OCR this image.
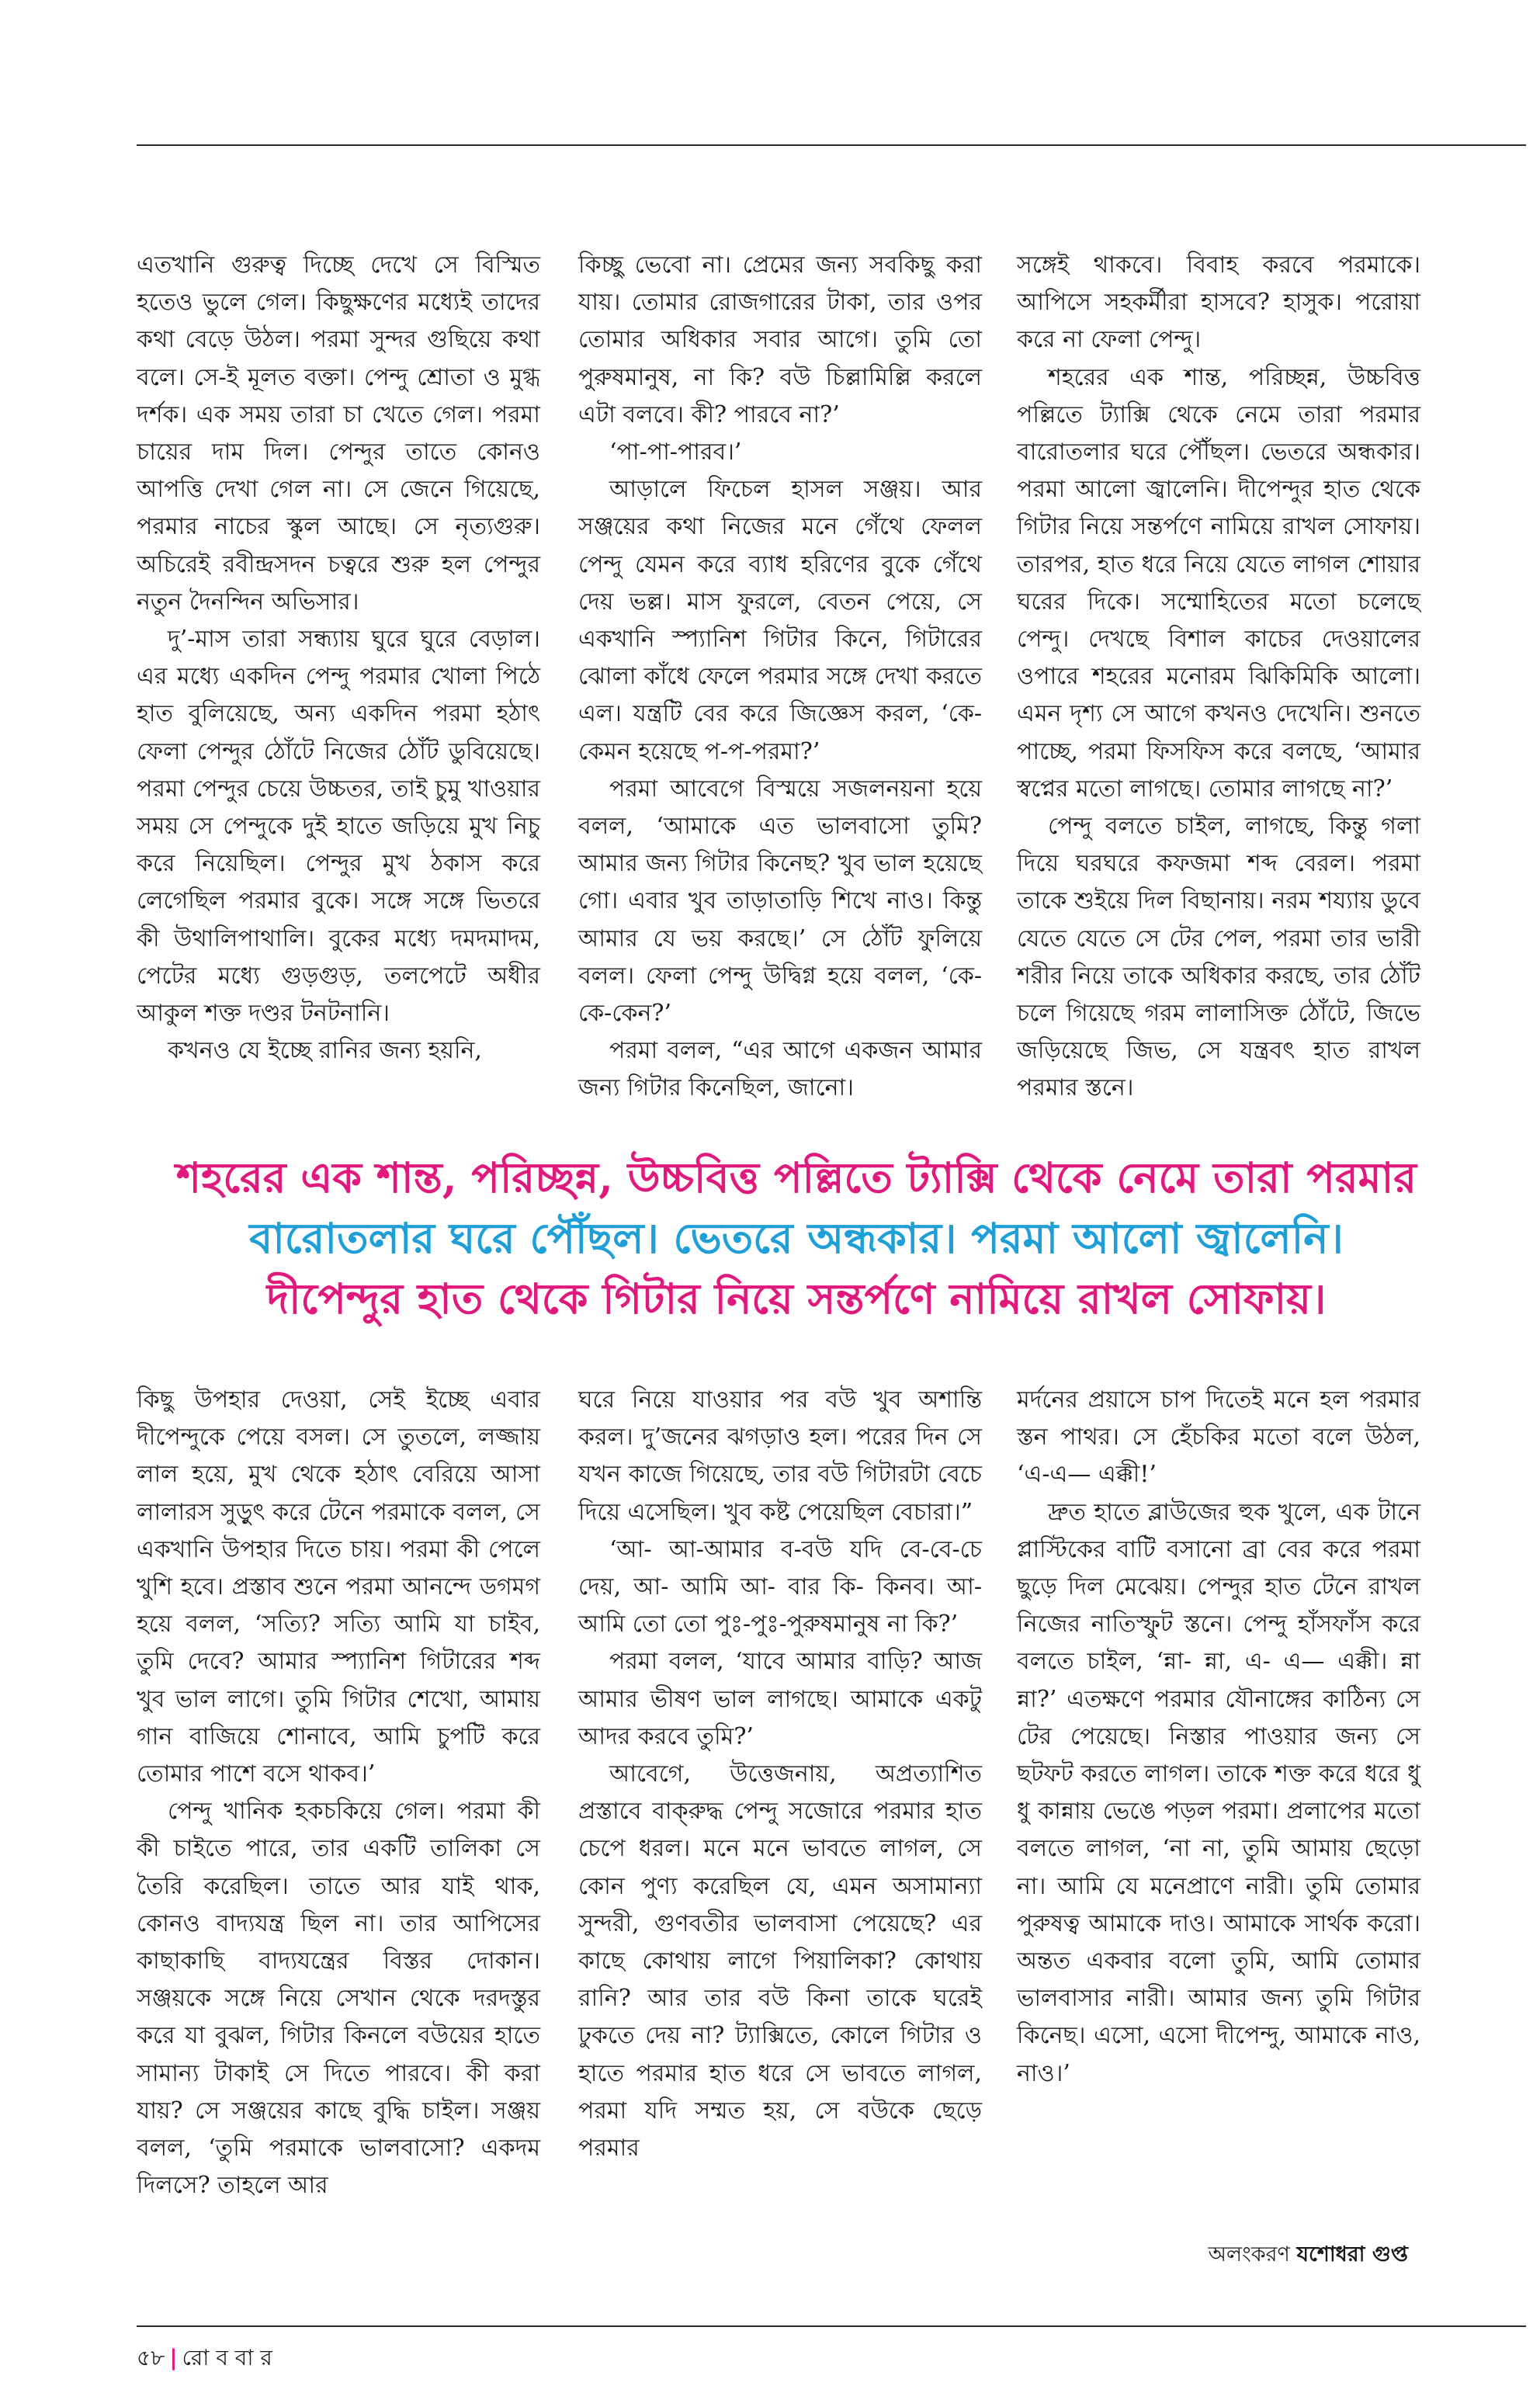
এতখানি গুরুত্ব দিচ্ছে দেখে সে বিস্মিত হতেও ভুলে গেল। কিছুক্ষণের মধ্যেই তাদের কথা বেড়ে উঠল। পরমা সুন্দর গুছিয়ে কথা বলে। সে-ই মূলত বক্তা। পেন্দু শ্রোতা ও মুগ্ধ দর্শক। এক সময় তারা চা খেতে গেল। পরমা চায়ের দাম দিল। পেন্দুর তাতে কোনও আপত্তি দেখা গেল না। সে জেনে গিয়েছে, পরমার নাচের স্কুল আছে। সে নৃত্যগুরু। অচিরেই রবীন্দ্রসদন চত্বরে শুরু হল পেন্দুর নতুন দৈনন্দিন অভিসার।

দু’-মাস তারা সন্ধ্যায় ঘুরে ঘুরে বেড়াল। এর মধ্যে একদিন পেন্দু পরমার খোলা পিঠে হাত বুলিয়েছে, অন্য একদিন পরমা হঠাৎ ফেলা পেন্দুর ঠোঁটে নিজের ঠোঁট ডুবিয়েছে। পরমা পেন্দুর চেয়ে উচ্চতর, তাই চুমু খাওয়ার সময় সে পেন্দুকে দুই হাতে জড়িয়ে মুখ নিচু করে নিয়েছিল। পেন্দুর মুখ ঠকাস করে লেগেছিল পরমার বুকে। সঙ্গে সঙ্গে ভিতরে কী উথালিপাথালি। বুকের মধ্যে দমদমাদম, পেটের মধ্যে গুড়গুড়, তলপেটে অধীর আকুল শক্ত দণ্ডর টনটনানি।

কখনও যে ইচ্ছে রানির জন্য হয়নি,

কিচ্ছু ভেবো না। প্রেমের জন্য সবকিছু করা যায়। তোমার রোজগারের টাকা, তার ওপর তোমার অধিকার সবার আগে। তুমি তো পুরুষমানুষ, না কি? বউ চিল্লামিল্লি করলে এটা বলবে। কী? পারবে না?’

‘পা-পা-পারব।’

আড়ালে ফিচেল হাসল সঞ্জয়। আর সঞ্জয়ের কথা নিজের মনে গেঁথে ফেলল পেন্দু যেমন করে ব্যাধ হরিণের বুকে গেঁথে দেয় ভল্ল। মাস ফুরলে, বেতন পেয়ে, সে একখানি স্প্যানিশ গিটার কিনে, গিটারের ঝোলা কাঁধে ফেলে পরমার সঙ্গে দেখা করতে এল। যন্ত্রটি বের করে জিজ্ঞেস করল, ‘কে- কেমন হয়েছে প-প-পরমা?’

পরমা আবেগে বিস্ময়ে সজলনয়না হয়ে বলল, ‘আমাকে এত ভালবাসো তুমি? আমার জন্য গিটার কিনেছ? খুব ভাল হয়েছে গো। এবার খুব তাড়াতাড়ি শিখে নাও। কিন্তু আমার যে ভয় করছে।’ সে ঠোঁট ফুলিয়ে বলল। ফেলা পেন্দু উদ্বিগ্ন হয়ে বলল, ‘কে-কে-কেন?’

পরমা বলল, “এর আগে একজন আমার জন্য গিটার কিনেছিল, জানো।

সঙ্গেই থাকবে। বিবাহ করবে পরমাকে। আপিসে সহকর্মীরা হাসবে? হাসুক। পরোয়া করে না ফেলা পেন্দু।

শহরের এক শান্ত, পরিচ্ছন্ন, উচ্চবিত্ত পল্লিতে ট্যাক্সি থেকে নেমে তারা পরমার বারোতলার ঘরে পৌঁছল। ভেতরে অন্ধকার। পরমা আলো জ্বালেনি। দীপেন্দুর হাত থেকে গিটার নিয়ে সন্তর্পণে নামিয়ে রাখল সোফায়। তারপর, হাত ধরে নিয়ে যেতে লাগল শোয়ার ঘরের দিকে। সম্মোহিতের মতো চলেছে পেন্দু। দেখছে বিশাল কাচের দেওয়ালের ওপারে শহরের মনোরম ঝিকিমিকি আলো। এমন দৃশ্য সে আগে কখনও দেখেনি। শুনতে পাচ্ছে, পরমা ফিসফিস করে বলছে, ‘আমার স্বপ্নের মতো লাগছে। তোমার লাগছে না?’

পেন্দু বলতে চাইল, লাগছে, কিন্তু গলা দিয়ে ঘরঘরে কফজমা শব্দ বেরল। পরমা তাকে শুইয়ে দিল বিছানায়। নরম শয্যায় ডুবে যেতে যেতে সে টের পেল, পরমা তার ভারী শরীর নিয়ে তাকে অধিকার করছে, তার ঠোঁট চলে গিয়েছে গরম লালাসিক্ত ঠোঁটে, জিভে জড়িয়েছে জিভ, সে যন্ত্রবৎ হাত রাখল পরমার স্তনে।

শহরের এক শান্ত, পরিচ্ছন্ন, উচ্চবিত্ত পল্লিতে ট্যাক্সি থেকে নেমে তারা পরমার
বারোতলার ঘরে পৌঁছল। ভেতরে অন্ধকার। পরমা আলো জ্বালেনি।
দীপেন্দুর হাত থেকে গিটার নিয়ে সন্তর্পণে নামিয়ে রাখল সোফায়।

কিছু উপহার দেওয়া, সেই ইচ্ছে এবার দীপেন্দুকে পেয়ে বসল। সে তুতলে, লজ্জায় লাল হয়ে, মুখ থেকে হঠাৎ বেরিয়ে আসা লালারস সুড়ুৎ করে টেনে পরমাকে বলল, সে একখানি উপহার দিতে চায়। পরমা কী পেলে খুশি হবে। প্রস্তাব শুনে পরমা আনন্দে ডগমগ হয়ে বলল, ‘সত্যি? সত্যি আমি যা চাইব, তুমি দেবে? আমার স্প্যানিশ গিটারের শব্দ খুব ভাল লাগে। তুমি গিটার শেখো, আমায় গান বাজিয়ে শোনাবে, আমি চুপটি করে তোমার পাশে বসে থাকব।’

পেন্দু খানিক হকচকিয়ে গেল। পরমা কী কী চাইতে পারে, তার একটি তালিকা সে তৈরি করেছিল। তাতে আর যাই থাক, কোনও বাদ্যযন্ত্র ছিল না। তার আপিসের কাছাকাছি বাদ্যযন্ত্রের বিস্তর দোকান। সঞ্জয়কে সঙ্গে নিয়ে সেখান থেকে দরদস্তুর করে যা বুঝল, গিটার কিনলে বউয়ের হাতে সামান্য টাকাই সে দিতে পারবে। কী করা যায়? সে সঞ্জয়ের কাছে বুদ্ধি চাইল। সঞ্জয় বলল, ‘তুমি পরমাকে ভালবাসো? একদম দিলসে? তাহলে আর

ঘরে নিয়ে যাওয়ার পর বউ খুব অশান্তি করল। দু’জনের ঝগড়াও হল। পরের দিন সে যখন কাজে গিয়েছে, তার বউ গিটারটা বেচে দিয়ে এসেছিল। খুব কষ্ট পেয়েছিল বেচারা।”

‘আ- আ-আমার ব-বউ যদি বে-বে-চে দেয়, আ- আমি আ- বার কি- কিনব। আ- আমি তো তো পুঃ-পুঃ-পুরুষমানুষ না কি?’

পরমা বলল, ‘যাবে আমার বাড়ি? আজ আমার ভীষণ ভাল লাগছে। আমাকে একটু আদর করবে তুমি?’

আবেগে, উত্তেজনায়, অপ্রত্যাশিত প্রস্তাবে বাক্‌রুদ্ধ পেন্দু সজোরে পরমার হাত চেপে ধরল। মনে মনে ভাবতে লাগল, সে কোন পুণ্য করেছিল যে, এমন অসামান্যা সুন্দরী, গুণবতীর ভালবাসা পেয়েছে? এর কাছে কোথায় লাগে পিয়ালিকা? কোথায় রানি? আর তার বউ কিনা তাকে ঘরেই ঢুকতে দেয় না? ট্যাক্সিতে, কোলে গিটার ও হাতে পরমার হাত ধরে সে ভাবতে লাগল, পরমা যদি সম্মত হয়, সে বউকে ছেড়ে পরমার

মর্দনের প্রয়াসে চাপ দিতেই মনে হল পরমার স্তন পাথর। সে হেঁচকির মতো বলে উঠল, ‘এ-এ— এক্কী!’

দ্রুত হাতে ব্লাউজের হুক খুলে, এক টানে প্লাস্টিকের বাটি বসানো ব্রা বের করে পরমা ছুড়ে দিল মেঝেয়। পেন্দুর হাত টেনে রাখল নিজের নাতিস্ফুট স্তনে। পেন্দু হাঁসফাঁস করে বলতে চাইল, ‘ন্না- ন্না, এ- এ— এক্কী। ন্না ন্না?’ এতক্ষণে পরমার যৌনাঙ্গের কাঠিন্য সে টের পেয়েছে। নিস্তার পাওয়ার জন্য সে ছটফট করতে লাগল। তাকে শক্ত করে ধরে ধু ধু কান্নায় ভেঙে পড়ল পরমা। প্রলাপের মতো বলতে লাগল, ‘না না, তুমি আমায় ছেড়ো না। আমি যে মনেপ্রাণে নারী। তুমি তোমার পুরুষত্ব আমাকে দাও। আমাকে সার্থক করো। অন্তত একবার বলো তুমি, আমি তোমার ভালবাসার নারী। আমার জন্য তুমি গিটার কিনেছ। এসো, এসো দীপেন্দু, আমাকে নাও, নাও।’

অলংকরণ যশোধরা গুপ্ত
৫৮ | রো ব বা র
